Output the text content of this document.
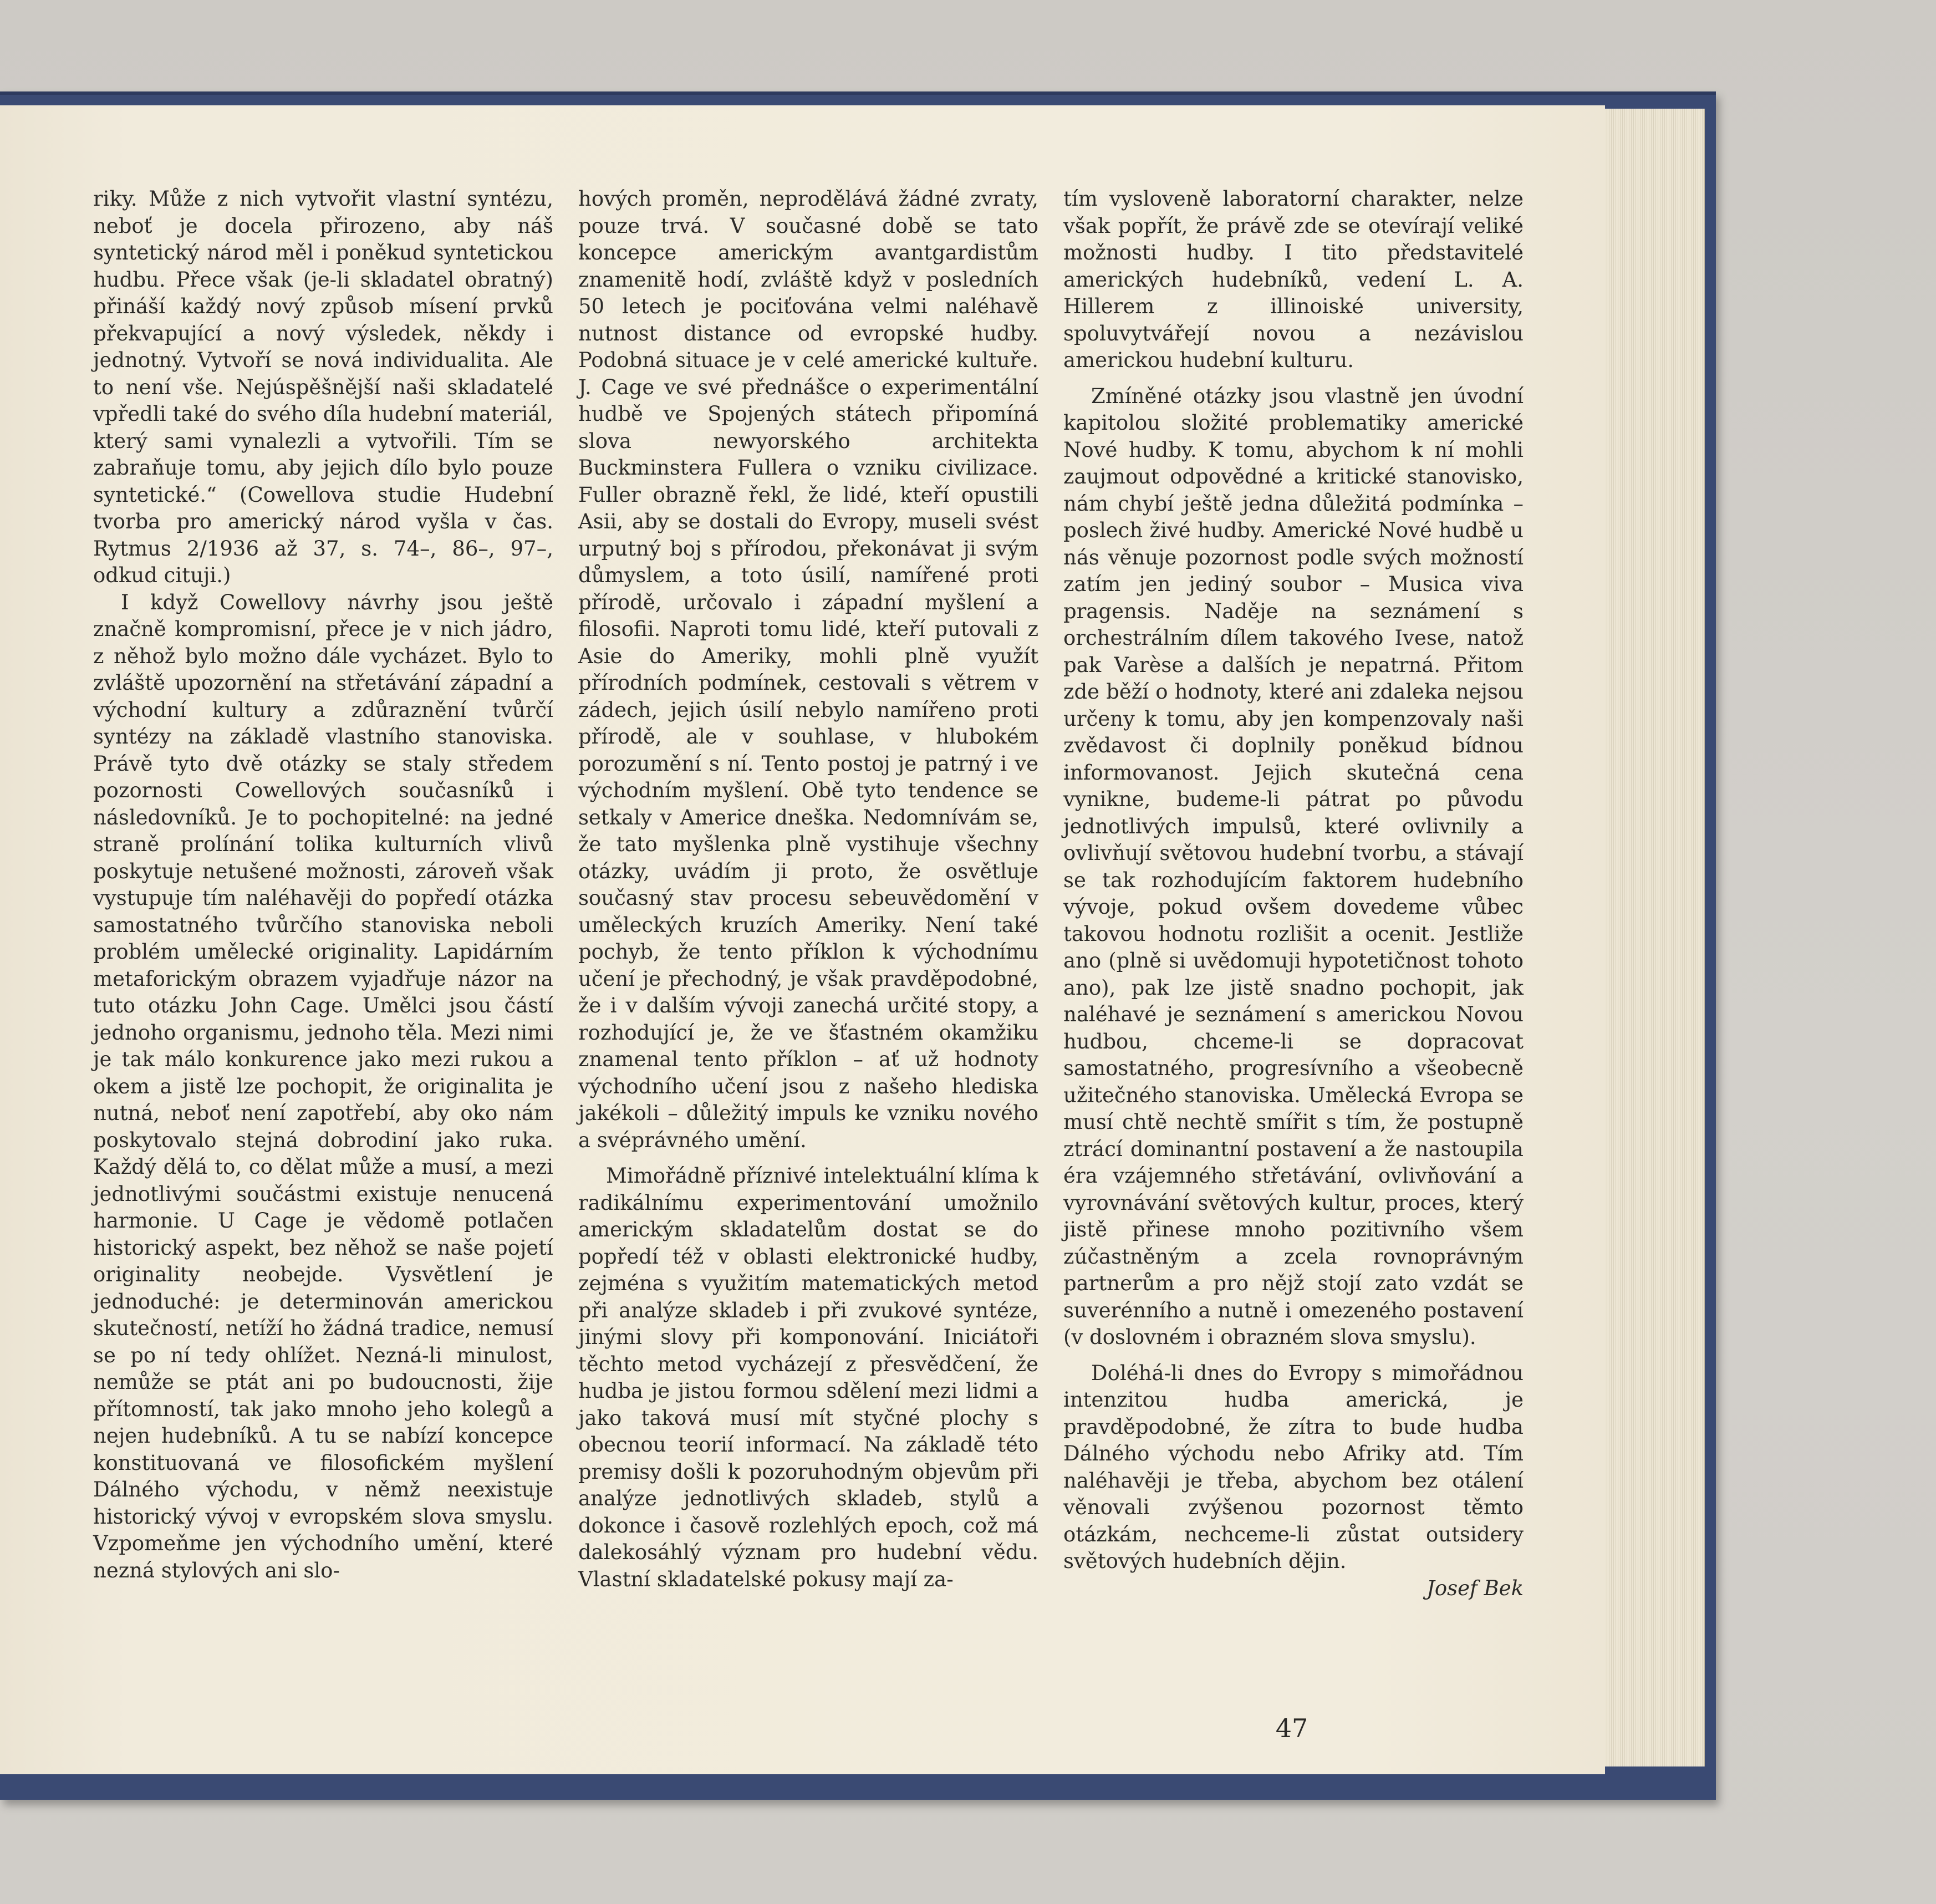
riky. Může z nich vytvořit vlastní syntézu, neboť je docela přirozeno, aby náš syntetický národ měl i poněkud syntetickou hudbu. Přece však (je-li skladatel obratný) přináší každý nový způsob mísení prvků překvapující a nový výsledek, někdy i jednotný. Vytvoří se nová individualita. Ale to není vše. Nejúspěšnější naši skladatelé vpředli také do svého díla hudební materiál, který sami vynalezli a vytvořili. Tím se zabraňuje tomu, aby jejich dílo bylo pouze syntetické.“ (Cowellova studie Hudební tvorba pro americký národ vyšla v čas. Rytmus 2/1936 až 37, s. 74–, 86–, 97–, odkud cituji.)

I když Cowellovy návrhy jsou ještě značně kompromisní, přece je v nich jádro, z něhož bylo možno dále vycházet. Bylo to zvláště upozornění na střetávání západní a východní kultury a zdůraznění tvůrčí syntézy na základě vlastního stanoviska. Právě tyto dvě otázky se staly středem pozornosti Cowellových současníků i následovníků. Je to pochopitelné: na jedné straně prolínání tolika kulturních vlivů poskytuje netušené možnosti, zároveň však vystupuje tím naléhavěji do popředí otázka samostatného tvůrčího stanoviska neboli problém umělecké originality. Lapidárním metaforickým obrazem vyjadřuje názor na tuto otázku John Cage. Umělci jsou částí jednoho organismu, jednoho těla. Mezi nimi je tak málo konkurence jako mezi rukou a okem a jistě lze pochopit, že originalita je nutná, neboť není zapotřebí, aby oko nám poskytovalo stejná dobrodiní jako ruka. Každý dělá to, co dělat může a musí, a mezi jednotlivými součástmi existuje nenucená harmonie. U Cage je vědomě potlačen historický aspekt, bez něhož se naše pojetí originality neobejde. Vysvětlení je jednoduché: je determinován americkou skutečností, netíží ho žádná tradice, nemusí se po ní tedy ohlížet. Nezná-li minulost, nemůže se ptát ani po budoucnosti, žije přítomností, tak jako mnoho jeho kolegů a nejen hudebníků. A tu se nabízí koncepce konstituovaná ve filosofickém myšlení Dálného východu, v němž neexistuje historický vývoj v evropském slova smyslu. Vzpomeňme jen východního umění, které nezná stylových ani slo-

hových proměn, neprodělává žádné zvraty, pouze trvá. V současné době se tato koncepce americkým avantgardistům znamenitě hodí, zvláště když v posledních 50 letech je pociťována velmi naléhavě nutnost distance od evropské hudby. Podobná situace je v celé americké kultuře. J. Cage ve své přednášce o experimentální hudbě ve Spojených státech připomíná slova newyorského architekta Buckminstera Fullera o vzniku civilizace. Fuller obrazně řekl, že lidé, kteří opustili Asii, aby se dostali do Evropy, museli svést urputný boj s přírodou, překonávat ji svým důmyslem, a toto úsilí, namířené proti přírodě, určovalo i západní myšlení a filosofii. Naproti tomu lidé, kteří putovali z Asie do Ameriky, mohli plně využít přírodních podmínek, cestovali s větrem v zádech, jejich úsilí nebylo namířeno proti přírodě, ale v souhlase, v hlubokém porozumění s ní. Tento postoj je patrný i ve východním myšlení. Obě tyto tendence se setkaly v Americe dneška. Nedomnívám se, že tato myšlenka plně vystihuje všechny otázky, uvádím ji proto, že osvětluje současný stav procesu sebeuvědomění v uměleckých kruzích Ameriky. Není také pochyb, že tento příklon k východnímu učení je přechodný, je však pravděpodobné, že i v dalším vývoji zanechá určité stopy, a rozhodující je, že ve šťastném okamžiku znamenal tento příklon – ať už hodnoty východního učení jsou z našeho hlediska jakékoli – důležitý impuls ke vzniku nového a svéprávného umění.

Mimořádně příznivé intelektuální klíma k radikálnímu experimentování umožnilo americkým skladatelům dostat se do popředí též v oblasti elektronické hudby, zejména s využitím matematických metod při analýze skladeb i při zvukové syntéze, jinými slovy při komponování. Iniciátoři těchto metod vycházejí z přesvědčení, že hudba je jistou formou sdělení mezi lidmi a jako taková musí mít styčné plochy s obecnou teorií informací. Na základě této premisy došli k pozoruhodným objevům při analýze jednotlivých skladeb, stylů a dokonce i časově rozlehlých epoch, což má dalekosáhlý význam pro hudební vědu. Vlastní skladatelské pokusy mají za-

tím vysloveně laboratorní charakter, nelze však popřít, že právě zde se otevírají veliké možnosti hudby. I tito představitelé amerických hudebníků, vedení L. A. Hillerem z illinoiské university, spoluvytvářejí novou a nezávislou americkou hudební kulturu.

Zmíněné otázky jsou vlastně jen úvodní kapitolou složité problematiky americké Nové hudby. K tomu, abychom k ní mohli zaujmout odpovědné a kritické stanovisko, nám chybí ještě jedna důležitá podmínka – poslech živé hudby. Americké Nové hudbě u nás věnuje pozornost podle svých možností zatím jen jediný soubor – Musica viva pragensis. Naděje na seznámení s orchestrálním dílem takového Ivese, natož pak Varèse a dalších je nepatrná. Přitom zde běží o hodnoty, které ani zdaleka nejsou určeny k tomu, aby jen kompenzovaly naši zvědavost či doplnily poněkud bídnou informovanost. Jejich skutečná cena vynikne, budeme-li pátrat po původu jednotlivých impulsů, které ovlivnily a ovlivňují světovou hudební tvorbu, a stávají se tak rozhodujícím faktorem hudebního vývoje, pokud ovšem dovedeme vůbec takovou hodnotu rozlišit a ocenit. Jestliže ano (plně si uvědomuji hypotetičnost tohoto ano), pak lze jistě snadno pochopit, jak naléhavé je seznámení s americkou Novou hudbou, chceme-li se dopracovat samostatného, progresívního a všeobecně užitečného stanoviska. Umělecká Evropa se musí chtě nechtě smířit s tím, že postupně ztrácí dominantní postavení a že nastoupila éra vzájemného střetávání, ovlivňování a vyrovnávání světových kultur, proces, který jistě přinese mnoho pozitivního všem zúčastněným a zcela rovnoprávným partnerům a pro nějž stojí zato vzdát se suverénního a nutně i omezeného postavení (v doslovném i obrazném slova smyslu).

Doléhá-li dnes do Evropy s mimořádnou intenzitou hudba americká, je pravděpodobné, že zítra to bude hudba Dálného východu nebo Afriky atd. Tím naléhavěji je třeba, abychom bez otálení věnovali zvýšenou pozornost těmto otázkám, nechceme-li zůstat outsidery světových hudebních dějin.

Josef Bek
47
